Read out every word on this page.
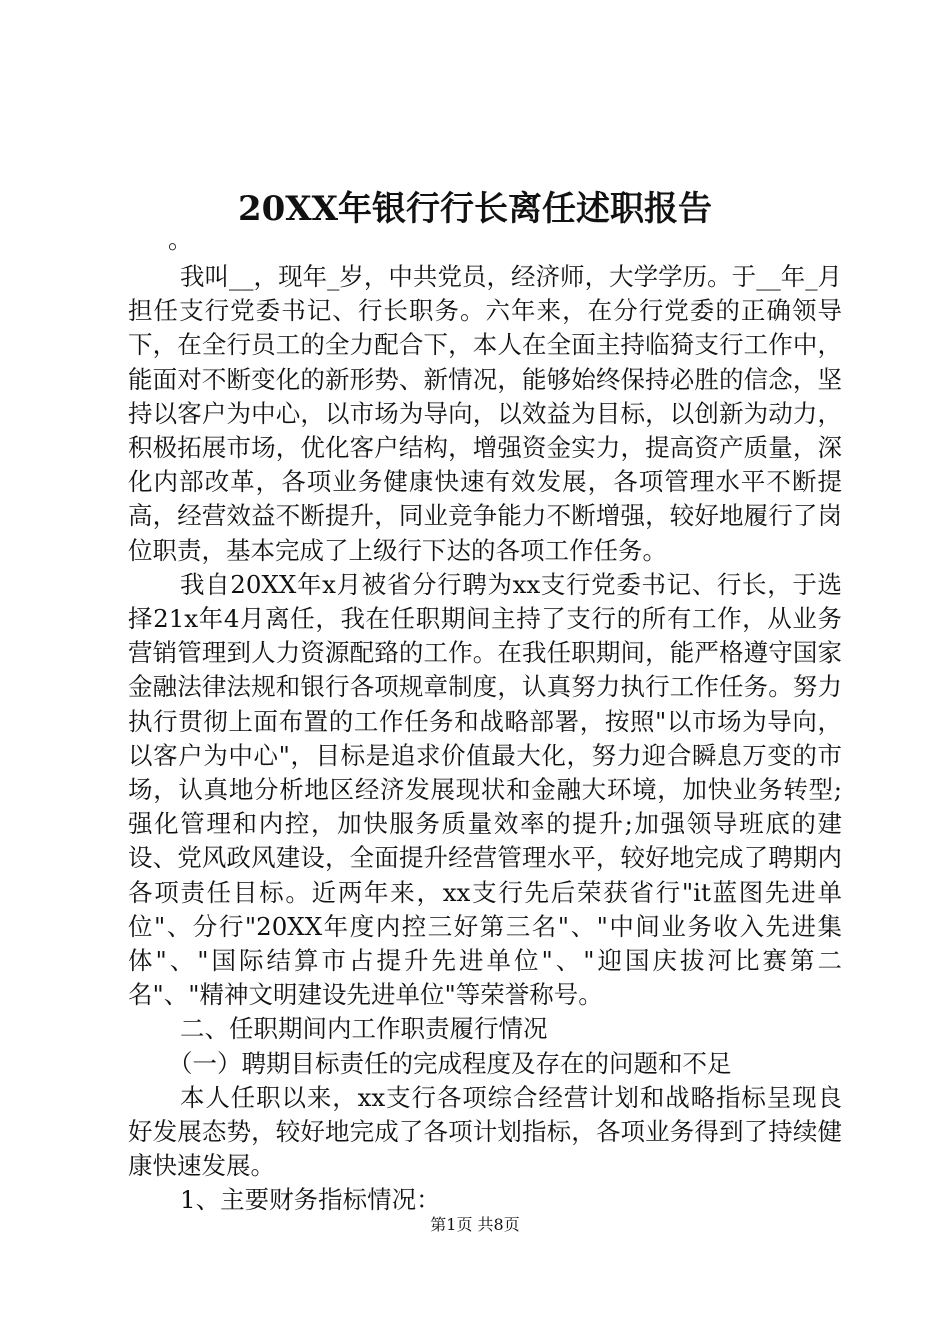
20XX年银行行长离任述职报告

。

我叫__，现年_岁，中共党员，经济师，大学学历。于__年_月担任支行党委书记、行长职务。六年来，在分行党委的正确领导下，在全行员工的全力配合下，本人在全面主持临猗支行工作中，能面对不断变化的新形势、新情况，能够始终保持必胜的信念，坚持以客户为中心，以市场为导向，以效益为目标，以创新为动力，积极拓展市场，优化客户结构，增强资金实力，提高资产质量，深化内部改革，各项业务健康快速有效发展，各项管理水平不断提高，经营效益不断提升，同业竞争能力不断增强，较好地履行了岗位职责，基本完成了上级行下达的各项工作任务。

我自20XX年x月被省分行聘为xx支行党委书记、行长，于选择21x年4月离任，我在任职期间主持了支行的所有工作，从业务营销管理到人力资源配臵的工作。在我任职期间，能严格遵守国家金融法律法规和银行各项规章制度，认真努力执行工作任务。努力执行贯彻上面布置的工作任务和战略部署，按照"以市场为导向，以客户为中心"，目标是追求价值最大化，努力迎合瞬息万变的市场，认真地分析地区经济发展现状和金融大环境，加快业务转型;强化管理和内控，加快服务质量效率的提升;加强领导班底的建设、党风政风建设，全面提升经营管理水平，较好地完成了聘期内各项责任目标。近两年来，xx支行先后荣获省行"it蓝图先进单位"、分行"20XX年度内控三好第三名"、"中间业务收入先进集体"、"国际结算市占提升先进单位"、"迎国庆拔河比赛第二名"、"精神文明建设先进单位"等荣誉称号。

二、任职期间内工作职责履行情况

（一）聘期目标责任的完成程度及存在的问题和不足

本人任职以来，xx支行各项综合经营计划和战略指标呈现良好发展态势，较好地完成了各项计划指标，各项业务得到了持续健康快速发展。

1、主要财务指标情况：

第1页 共8页
